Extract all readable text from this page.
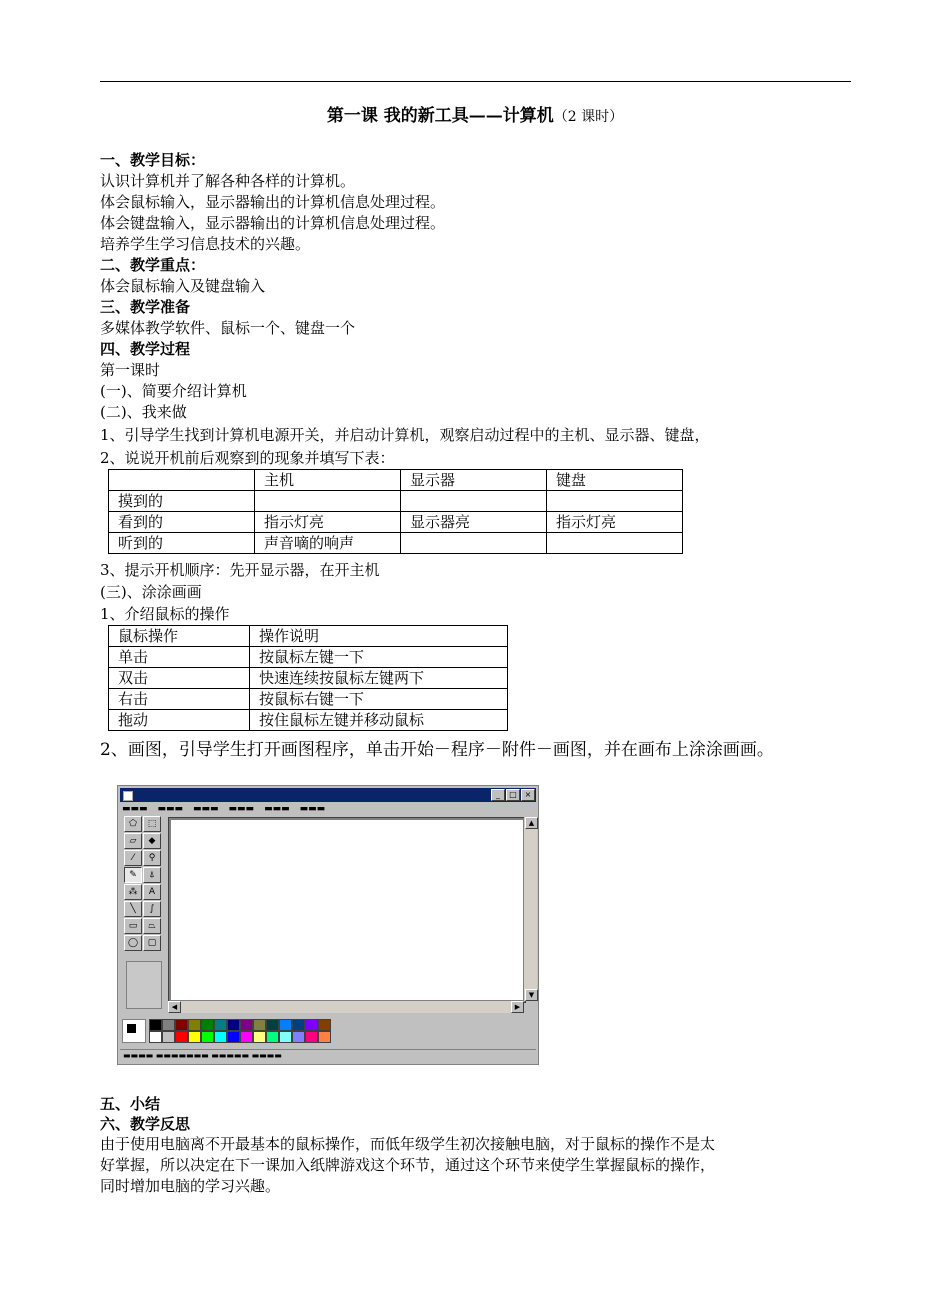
第一课 我的新工具——计算机（2 课时）
一、教学目标：
认识计算机并了解各种各样的计算机。
体会鼠标输入，显示器输出的计算机信息处理过程。
体会键盘输入，显示器输出的计算机信息处理过程。
培养学生学习信息技术的兴趣。
二、教学重点：
体会鼠标输入及键盘输入
三、教学准备
多媒体教学软件、鼠标一个、键盘一个
四、教学过程
第一课时
(一)、简要介绍计算机
(二)、我来做
1、引导学生找到计算机电源开关，并启动计算机，观察启动过程中的主机、显示器、键盘，
2、说说开机前后观察到的现象并填写下表：
	主机	显示器	键盘
摸到的			
看到的	指示灯亮	显示器亮	指示灯亮
听到的	声音嘀的响声		
3、提示开机顺序：先开显示器，在开主机
(三)、涂涂画画
1、介绍鼠标的操作
鼠标操作	操作说明
单击	按鼠标左键一下
双击	快速连续按鼠标左键两下
右击	按鼠标右键一下
拖动	按住鼠标左键并移动鼠标
2、画图，引导学生打开画图程序，单击开始－程序－附件－画图，并在画布上涂涂画画。
_	□ ×
▬▬▬ ▬▬▬ ▬▬▬ ▬▬▬ ▬▬▬ ▬▬▬
⬠	⬚
▱	◆
⁄	⚲
✎	⍋
⁂	A
╲	∫
▭	⏢
◯	▢
▲
▼
◀	▶
▬▬▬▬ ▬▬▬▬▬▬▬ ▬▬▬▬▬ ▬▬▬▬
五、小结
六、教学反思
由于使用电脑离不开最基本的鼠标操作，而低年级学生初次接触电脑，对于鼠标的操作不是太
好掌握，所以决定在下一课加入纸牌游戏这个环节，通过这个环节来使学生掌握鼠标的操作，
同时增加电脑的学习兴趣。
